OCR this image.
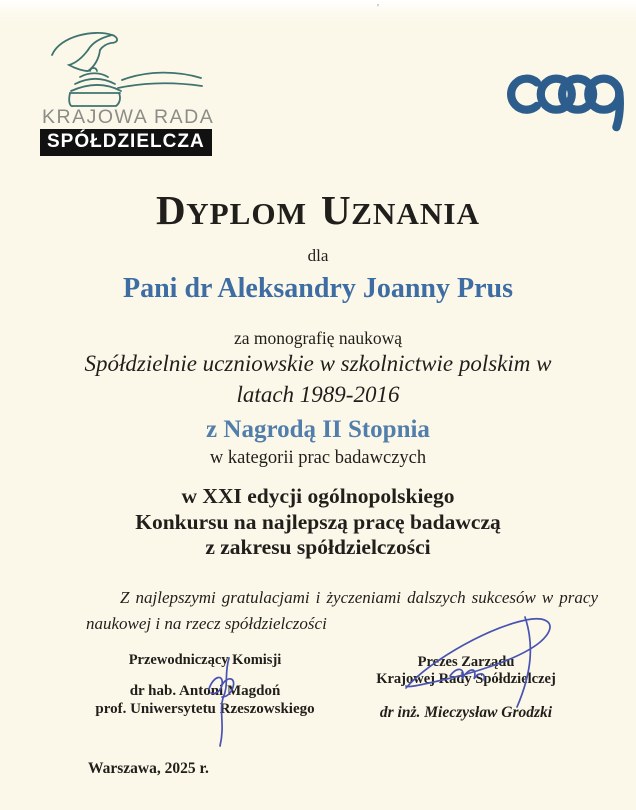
'
KRAJOWA RADA
SPÓŁDZIELCZA
DYPLOM UZNANIA
dla
Pani dr Aleksandry Joanny Prus
za monografię naukową
Spółdzielnie uczniowskie w szkolnictwie polskim w
latach 1989-2016
z Nagrodą II Stopnia
w kategorii prac badawczych
w XXI edycji ogólnopolskiego
Konkursu na najlepszą pracę badawczą
z zakresu spółdzielczości
Z najlepszymi gratulacjami i życzeniami dalszych sukcesów w pracy naukowej i na rzecz spółdzielczości
Przewodniczący Komisji
dr hab. Antoni Magdoń
prof. Uniwersytetu Rzeszowskiego
Prezes Zarządu
Krajowej Rady Spółdzielczej
dr inż. Mieczysław Grodzki
Warszawa, 2025 r.
